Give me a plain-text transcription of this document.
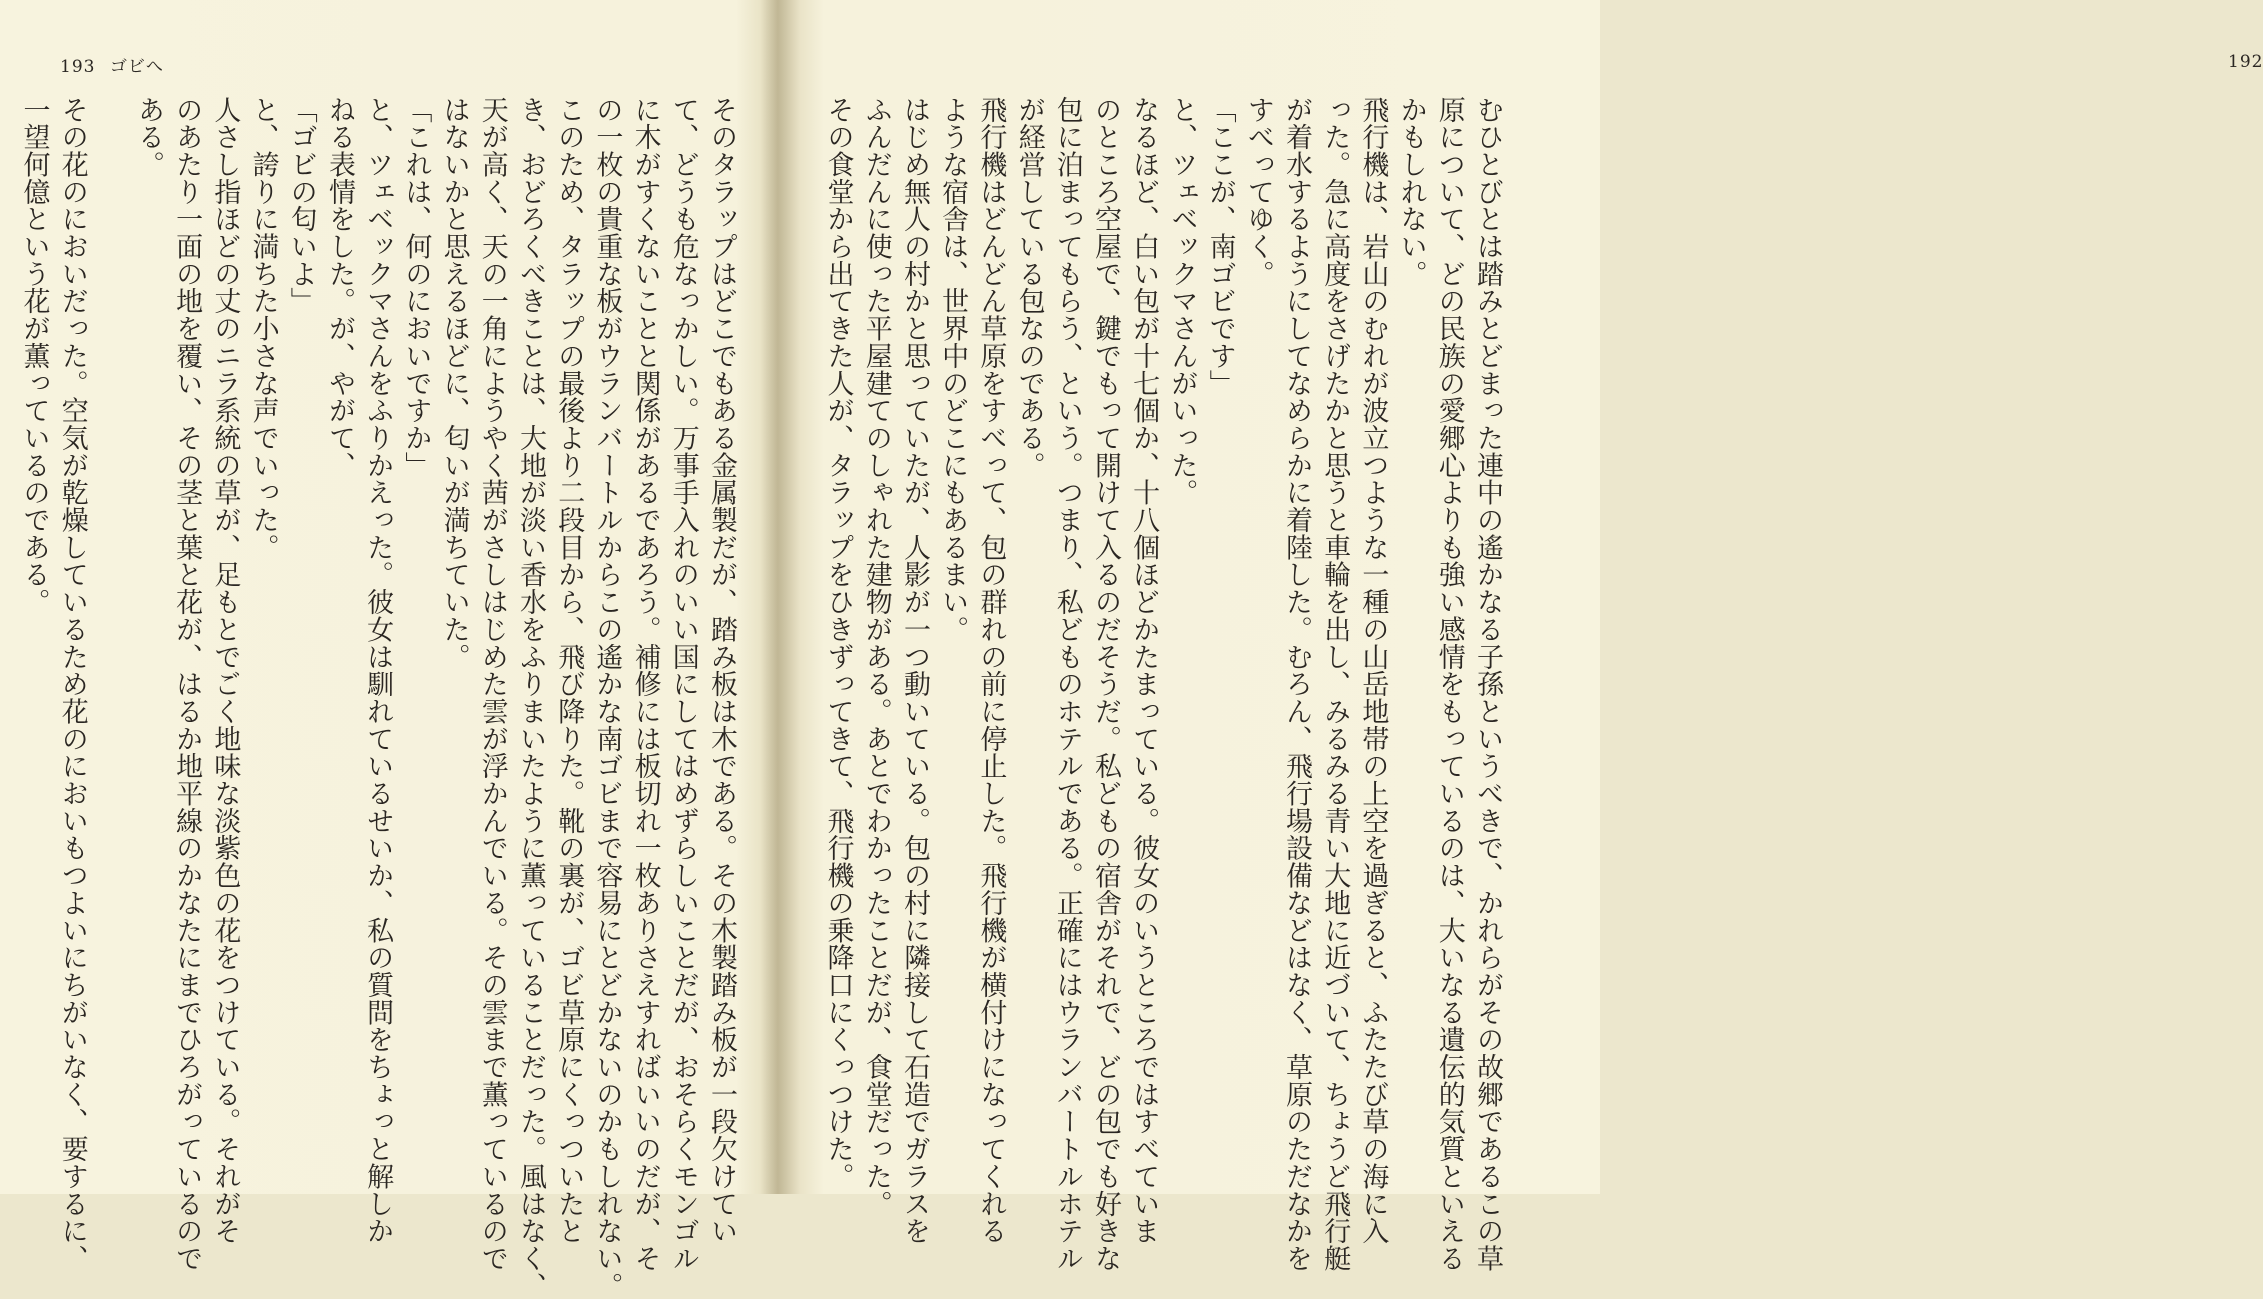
193 ゴビへ	192

むひとびとは踏みとどまった連中の遙かなる子孫というべきで、かれらがその故郷であるこの草

原について、どの民族の愛郷心よりも強い感情をもっているのは、大いなる遺伝的気質といえる

かもしれない。

飛行機は、岩山のむれが波立つような一種の山岳地帯の上空を過ぎると、ふたたび草の海に入

った。急に高度をさげたかと思うと車輪を出し、みるみる青い大地に近づいて、ちょうど飛行艇

が着水するようにしてなめらかに着陸した。むろん、飛行場設備などはなく、草原のただなかを

すべってゆく。

「ここが、南ゴビです」

と、ツェベックマさんがいった。

なるほど、白い包が十七個か、十八個ほどかたまっている。彼女のいうところではすべていま

のところ空屋で、鍵でもって開けて入るのだそうだ。私どもの宿舎がそれで、どの包でも好きな

包に泊まってもらう、という。つまり、私どものホテルである。正確にはウランバートルホテル

が経営している包なのである。

飛行機はどんどん草原をすべって、包の群れの前に停止した。飛行機が横付けになってくれる

ような宿舎は、世界中のどこにもあるまい。

はじめ無人の村かと思っていたが、人影が一つ動いている。包の村に隣接して石造でガラスを

ふんだんに使った平屋建てのしゃれた建物がある。あとでわかったことだが、食堂だった。

その食堂から出てきた人が、タラップをひきずってきて、飛行機の乗降口にくっつけた。

そのタラップはどこでもある金属製だが、踏み板は木である。その木製踏み板が一段欠けてい

て、どうも危なっかしい。万事手入れのいい国にしてはめずらしいことだが、おそらくモンゴル

に木がすくないことと関係があるであろう。補修には板切れ一枚ありさえすればいいのだが、そ

の一枚の貴重な板がウランバートルからこの遙かな南ゴビまで容易にとどかないのかもしれない。

このため、タラップの最後より二段目から、飛び降りた。靴の裏が、ゴビ草原にくっついたと

き、おどろくべきことは、大地が淡い香水をふりまいたように薫っていることだった。風はなく、

天が高く、天の一角にようやく茜がさしはじめた雲が浮かんでいる。その雲まで薫っているので

はないかと思えるほどに、匂いが満ちていた。

「これは、何のにおいですか」

と、ツェベックマさんをふりかえった。彼女は馴れているせいか、私の質問をちょっと解しか

ねる表情をした。が、やがて、

「ゴビの匂いよ」

と、誇りに満ちた小さな声でいった。

人さし指ほどの丈のニラ系統の草が、足もとでごく地味な淡紫色の花をつけている。それがそ

のあたり一面の地を覆い、その茎と葉と花が、はるか地平線のかなたにまでひろがっているので

ある。

その花のにおいだった。空気が乾燥しているため花のにおいもつよいにちがいなく、要するに、

一望何億という花が薫っているのである。
